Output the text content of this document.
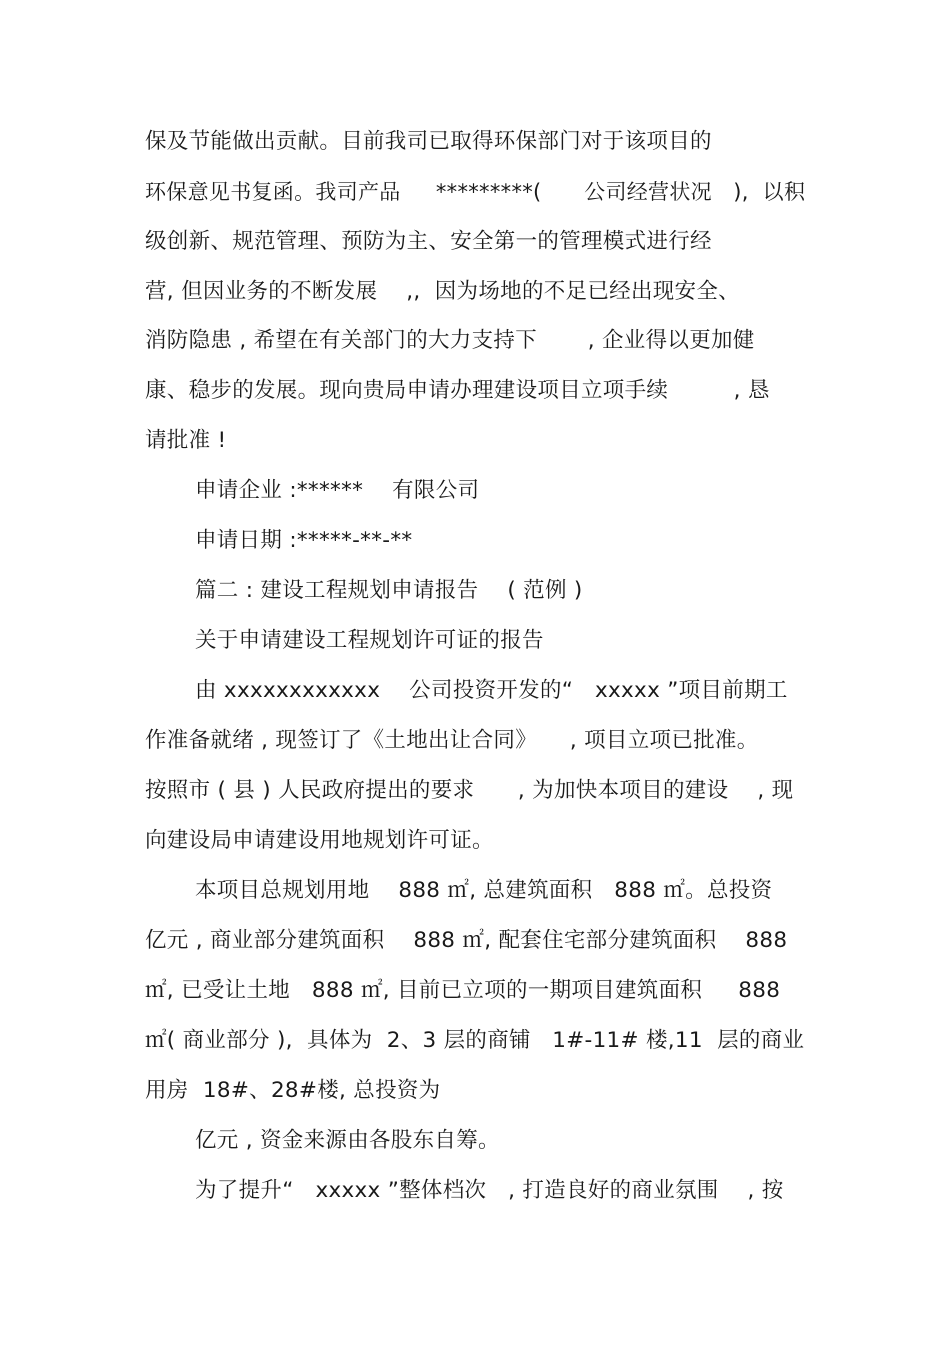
保及节能做出贡献。目前我司已取得环保部门对于该项目的
环保意见书复函。我司产品　  *********(　　公司经营状况　),  以积
级创新、规范管理、预防为主、安全第一的管理模式进行经
营, 但因业务的不断发展　 ,,  因为场地的不足已经出现安全、
消防隐患 , 希望在有关部门的大力支持下　　 , 企业得以更加健
康、稳步的发展。现向贵局申请办理建设项目立项手续　　　, 恳
请批准 !
申请企业 :******　 有限公司
申请日期 :*****-**-**
篇二 : 建设工程规划申请报告　 ( 范例 )
关于申请建设工程规划许可证的报告
由 xxxxxxxxxxxx　 公司投资开发的“　xxxxx ”项目前期工
作准备就绪 , 现签订了《土地出让合同》　　, 项目立项已批准。
按照市 ( 县 ) 人民政府提出的要求　　, 为加快本项目的建设　 , 现
向建设局申请建设用地规划许可证。
本项目总规划用地　 888 ㎡, 总建筑面积　888 ㎡。总投资
亿元 , 商业部分建筑面积　 888 ㎡, 配套住宅部分建筑面积　 888
㎡, 已受让土地　888 ㎡, 目前已立项的一期项目建筑面积　  888
㎡( 商业部分 ),  具体为  2、3 层的商铺   1#-11# 楼,11  层的商业
用房  18#、28#楼, 总投资为
亿元 , 资金来源由各股东自筹。
为了提升“　xxxxx ”整体档次　, 打造良好的商业氛围　 , 按
